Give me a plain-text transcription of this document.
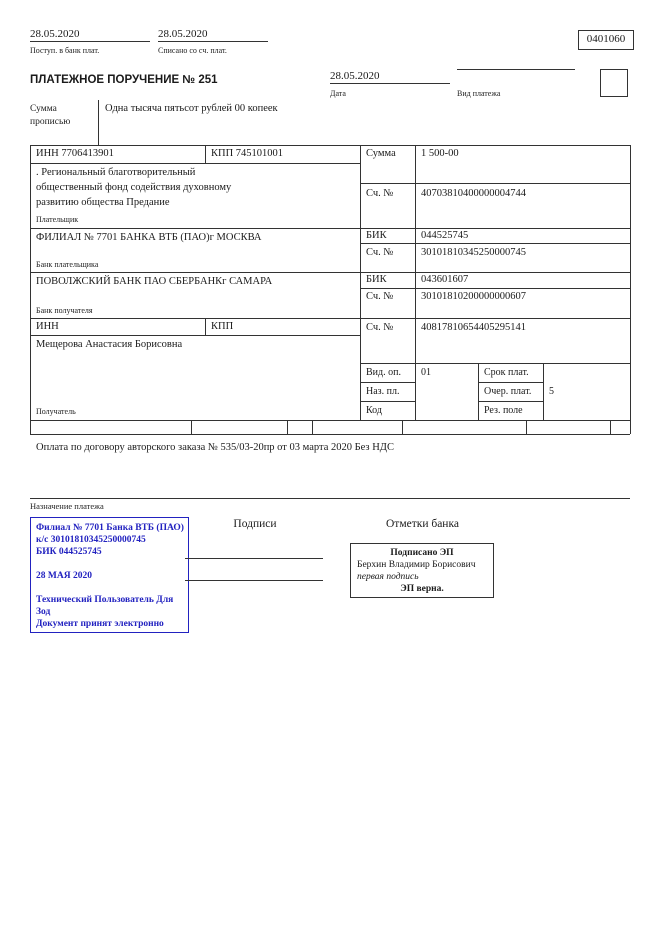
28.05.2020
Поступ. в банк плат.
28.05.2020
Списано со сч. плат.
0401060
ПЛАТЕЖНОЕ ПОРУЧЕНИЕ № 251	28.05.2020
Дата	Вид платежа
Сумма прописью
Одна тысяча пятьсот рублей 00 копеек
ИНН 7706413901	КПП 745101001	Сумма 1 500-00
. Региональный благотворительный
общественный фонд содействия духовному
развитию общества Предание
Сч. №	40703810400000004744
Плательщик
ФИЛИАЛ № 7701 БАНКА ВТБ (ПАО)г МОСКВА	БИК	044525745
Сч. №	30101810345250000745
Банк плательщика
ПОВОЛЖСКИЙ БАНК ПАО СБЕРБАНКг САМАРА	БИК	043601607
Сч. №	30101810200000000607
Банк получателя
ИНН	КПП	Сч. №	40817810654405295141
Мещерова Анастасия Борисовна
Получатель
Вид. оп. 01	Срок плат.
Наз. пл.	Очер. плат. 5
Код	Рез. поле
Оплата по договору авторского заказа № 535/03-20пр от 03 марта 2020 Без НДС
Назначение платежа
Филиал № 7701 Банка ВТБ (ПАО)
к/с 30101810345250000745
БИК 044525745
28 МАЯ 2020
Технический Пользователь Для
Зод
Документ принят электронно
Подписи	Отметки банка
Подписано ЭП
Берхин Владимир Борисович
первая подпись
ЭП верна.
